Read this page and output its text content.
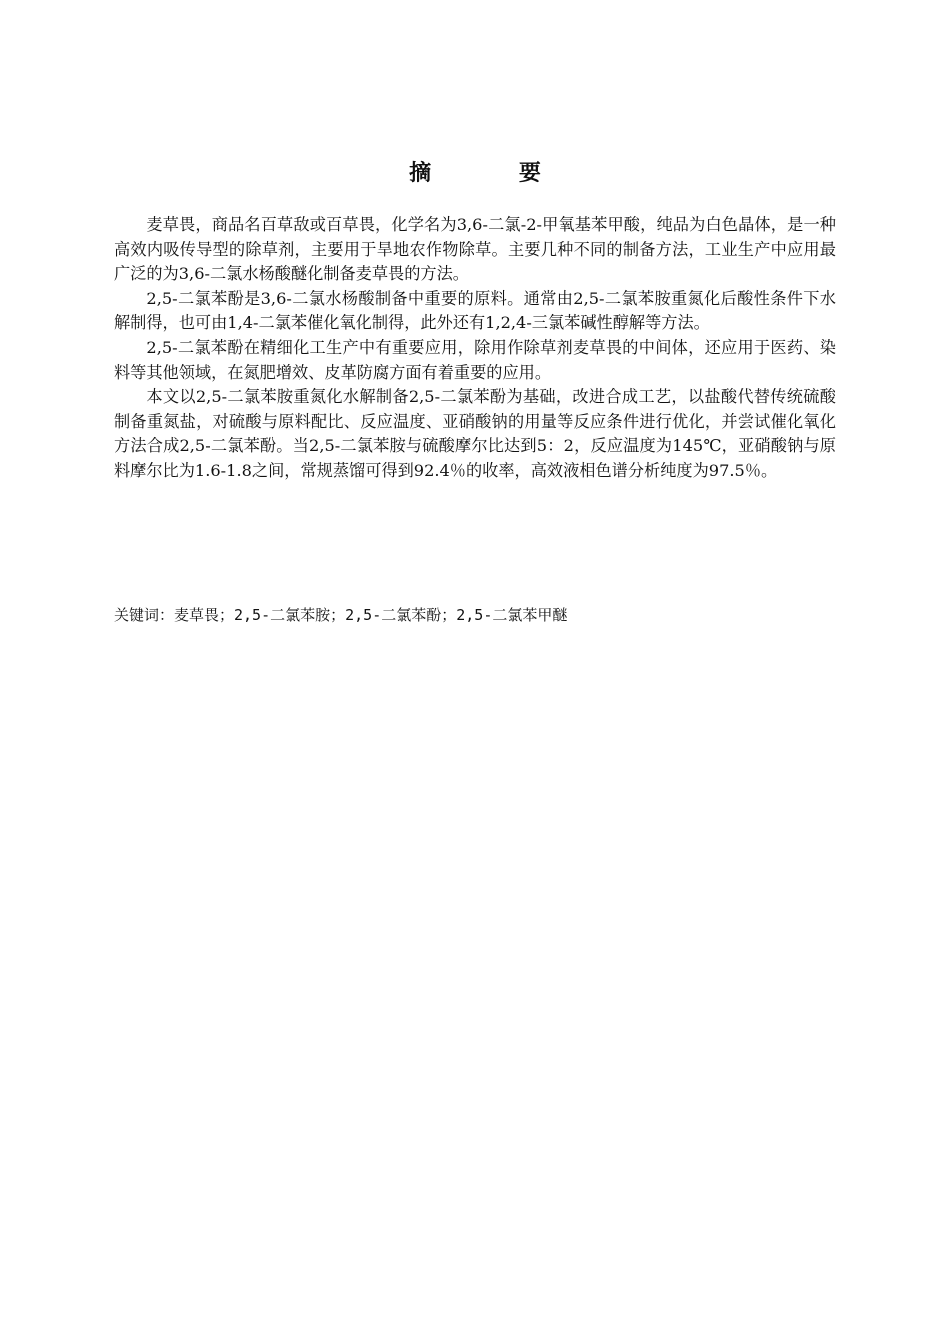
摘 要

麦草畏，商品名百草敌或百草畏，化学名为3,6-二氯-2-甲氧基苯甲酸，纯品为白色晶体，是一种高效内吸传导型的除草剂，主要用于旱地农作物除草。主要几种不同的制备方法，工业生产中应用最广泛的为3,6-二氯水杨酸醚化制备麦草畏的方法。

2,5-二氯苯酚是3,6-二氯水杨酸制备中重要的原料。通常由2,5-二氯苯胺重氮化后酸性条件下水解制得，也可由1,4-二氯苯催化氧化制得，此外还有1,2,4-三氯苯碱性醇解等方法。

2,5-二氯苯酚在精细化工生产中有重要应用，除用作除草剂麦草畏的中间体，还应用于医药、染料等其他领域，在氮肥增效、皮革防腐方面有着重要的应用。

本文以2,5-二氯苯胺重氮化水解制备2,5-二氯苯酚为基础，改进合成工艺，以盐酸代替传统硫酸制备重氮盐，对硫酸与原料配比、反应温度、亚硝酸钠的用量等反应条件进行优化，并尝试催化氧化方法合成2,5-二氯苯酚。当2,5-二氯苯胺与硫酸摩尔比达到5：2，反应温度为145℃，亚硝酸钠与原料摩尔比为1.6-1.8之间，常规蒸馏可得到92.4％的收率，高效液相色谱分析纯度为97.5％。

关键词：麦草畏；2,5-二氯苯胺；2,5-二氯苯酚；2,5-二氯苯甲醚
